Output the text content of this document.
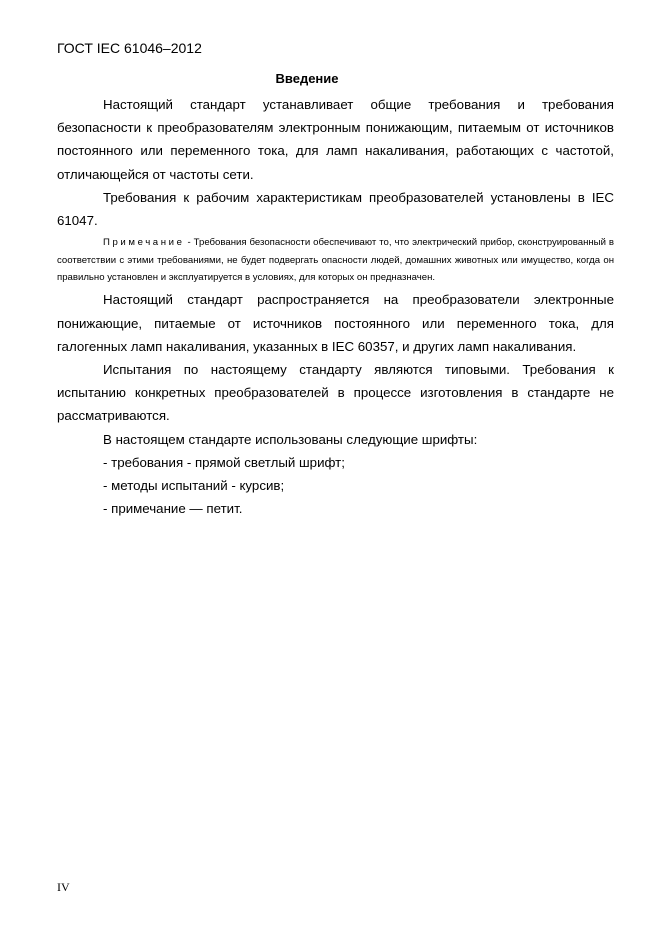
ГОСТ IEC 61046–2012
Введение

Настоящий стандарт устанавливает общие требования и требования безопасности к преобразователям электронным понижающим, питаемым от источников постоянного или переменного тока, для ламп накаливания, работающих с частотой, отличающейся от частоты сети.

Требования к рабочим характеристикам преобразователей установлены в IEC 61047.

Примечание - Требования безопасности обеспечивают то, что электрический прибор, сконструированный в соответствии с этими требованиями, не будет подвергать опасности людей, домашних животных или имущество, когда он правильно установлен и эксплуатируется в условиях, для которых он предназначен.

Настоящий стандарт распространяется на преобразователи электронные понижающие, питаемые от источников постоянного или переменного тока, для галогенных ламп накаливания, указанных в IEC 60357, и других ламп накаливания.

Испытания по настоящему стандарту являются типовыми. Требования к испытанию конкретных преобразователей в процессе изготовления в стандарте не рассматриваются.

В настоящем стандарте использованы следующие шрифты:

- требования - прямой светлый шрифт;

- методы испытаний - курсив;

- примечание — петит.

IV
